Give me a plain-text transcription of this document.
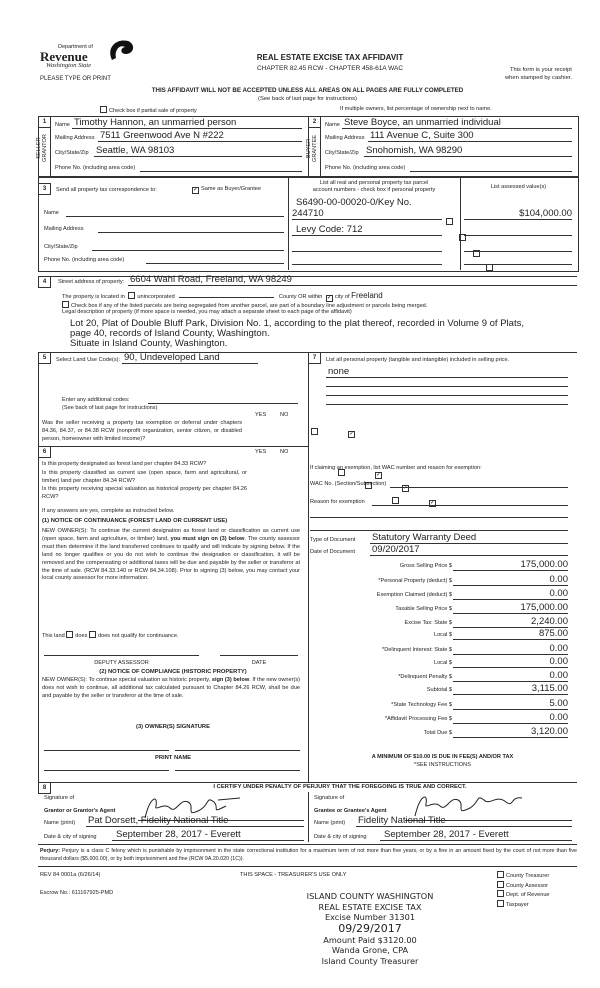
Department of
Revenue
Washington State
PLEASE TYPE OR PRINT
REAL ESTATE EXCISE TAX AFFIDAVIT
CHAPTER 82.45 RCW - CHAPTER 458-61A WAC	This form is your receipt
when stamped by cashier.
THIS AFFIDAVIT WILL NOT BE ACCEPTED UNLESS ALL AREAS ON ALL PAGES ARE FULLY COMPLETED
(See back of last page for instructions)
Check box if partial sale of property	If multiple owners, list percentage of ownership next to name.
1
SELLER
GRANTOR
Name Timothy Hannon, an unmarried person
Mailing Address 7511 Greenwood Ave N #222
City/State/Zip Seattle, WA 98103
Phone No. (including area code)
2
BUYER
GRANTEE
Name Steve Boyce, an unmarried individual
Mailing Address 111 Avenue C, Suite 300
City/State/Zip Snohomish, WA 98290
Phone No. (including area code)
3	Send all property tax correspondence to:	✓ Same as Buyer/Grantee
Name
Mailing Address
City/State/Zip
Phone No. (including area code)
List all real and personal property tax parcel
account numbers - check box if personal property
S6490-00-00020-0/Key No.
244710
Levy Code: 712

List assessed value(s)
$104,000.00
4	Street address of property: 6604 Wahl Road, Freeland, WA 98249
The property is located in unincorporated	County OR within ✓ city of Freeland
Check box if any of the listed parcels are being segregated from another parcel, are part of a boundary line adjustment or parcels being merged.
Legal description of property (if more space is needed, you may attach a separate sheet to each page of the affidavit)
Lot 20, Plat of Double Bluff Park, Division No. 1, according to the plat thereof, recorded in Volume 9 of Plats,
page 40, records of Island County, Washington.
Situate in Island County, Washington.
5	Select Land Use Code(s): 90, Undeveloped Land
Enter any additional codes:
(See back of last page for instructions)
YES NO
Was the seller receiving a property tax exemption or deferral under chapters 84.36, 84.37, or 84.38 RCW (nonprofit organization, senior citizen, or disabled person, homeowner with limited income)?
✓
6	YES NO
Is this property designated as forest land per chapter 84.33 RCW?
✓
Is this property classified as current use (open space, farm and agricultural, or timber) land per chapter 84.34 RCW?
✓
Is this property receiving special valuation as historical property per chapter 84.26 RCW?
✓
If any answers are yes, complete as instructed below.
(1) NOTICE OF CONTINUANCE (FOREST LAND OR CURRENT USE)
NEW OWNER(S): To continue the current designation as forest land or classification as current use (open space, farm and agriculture, or timber) land, you must sign on (3) below. The county assessor must then determine if the land transferred continues to qualify and will indicate by signing below. If the land no longer qualifies or you do not wish to continue the designation or classification, it will be removed and the compensating or additional taxes will be due and payable by the seller or transferor at the time of sale. (RCW 84.33.140 or RCW 84.34.108). Prior to signing (3) below, you may contact your local county assessor for more information.
This land does does not qualify for continuance.
DEPUTY ASSESSOR	DATE
(2) NOTICE OF COMPLIANCE (HISTORIC PROPERTY)
NEW OWNER(S): To continue special valuation as historic property, sign (3) below. If the new owner(s) does not wish to continue, all additional tax calculated pursuant to Chapter 84.26 RCW, shall be due and payable by the seller or transferor at the time of sale.
(3) OWNER(S) SIGNATURE
PRINT NAME
7	List all personal property (tangible and intangible) included in selling price.
none
If claiming an exemption, list WAC number and reason for exemption:
WAC No. (Section/Subsection)
Reason for exemption
Type of Document Statutory Warranty Deed
Date of Document 09/20/2017
Gross Selling Price $	175,000.00
*Personal Property (deduct) $	0.00
Exemption Claimed (deduct) $	0.00
Taxable Selling Price $	175,000.00
Excise Tax: State $	2,240.00
Local $	875.00
*Delinquent Interest: State $	0.00
Local $	0.00
*Delinquent Penalty $	0.00
Subtotal $	3,115.00
*State Technology Fee $	5.00
*Affidavit Processing Fee $	0.00
Total Due $	3,120.00
A MINIMUM OF $10.00 IS DUE IN FEE(S) AND/OR TAX
*SEE INSTRUCTIONS
8	I CERTIFY UNDER PENALTY OF PERJURY THAT THE FOREGOING IS TRUE AND CORRECT.
Signature of
Grantor or Grantor's Agent
Name (print) Pat Dorsett, Fidelity National Title
Date & city of signing September 28, 2017 - Everett
Signature of
Grantee or Grantee's Agent
Name (print) Fidelity National Title
Date & city of signing September 28, 2017 - Everett
Perjury: Perjury is a class C felony which is punishable by imprisonment in the state correctional institution for a maximum term of not more than five years, or by a fine in an amount fixed by the court of not more than five thousand dollars ($5,000.00), or by both imprisonment and fine (RCW 9A.20.020 (1C)).
REV 84 0001a (6/26/14)	THIS SPACE - TREASURER'S USE ONLY	County Treasurer
County Assessor
Dept. of Revenue
Taxpayer
Escrow No.: 611167925-PMD	ISLAND COUNTY WASHINGTON
REAL ESTATE EXCISE TAX
Excise Number 31301
09/29/2017
Amount Paid $3120.00
Wanda Grone, CPA
Island County Treasurer
